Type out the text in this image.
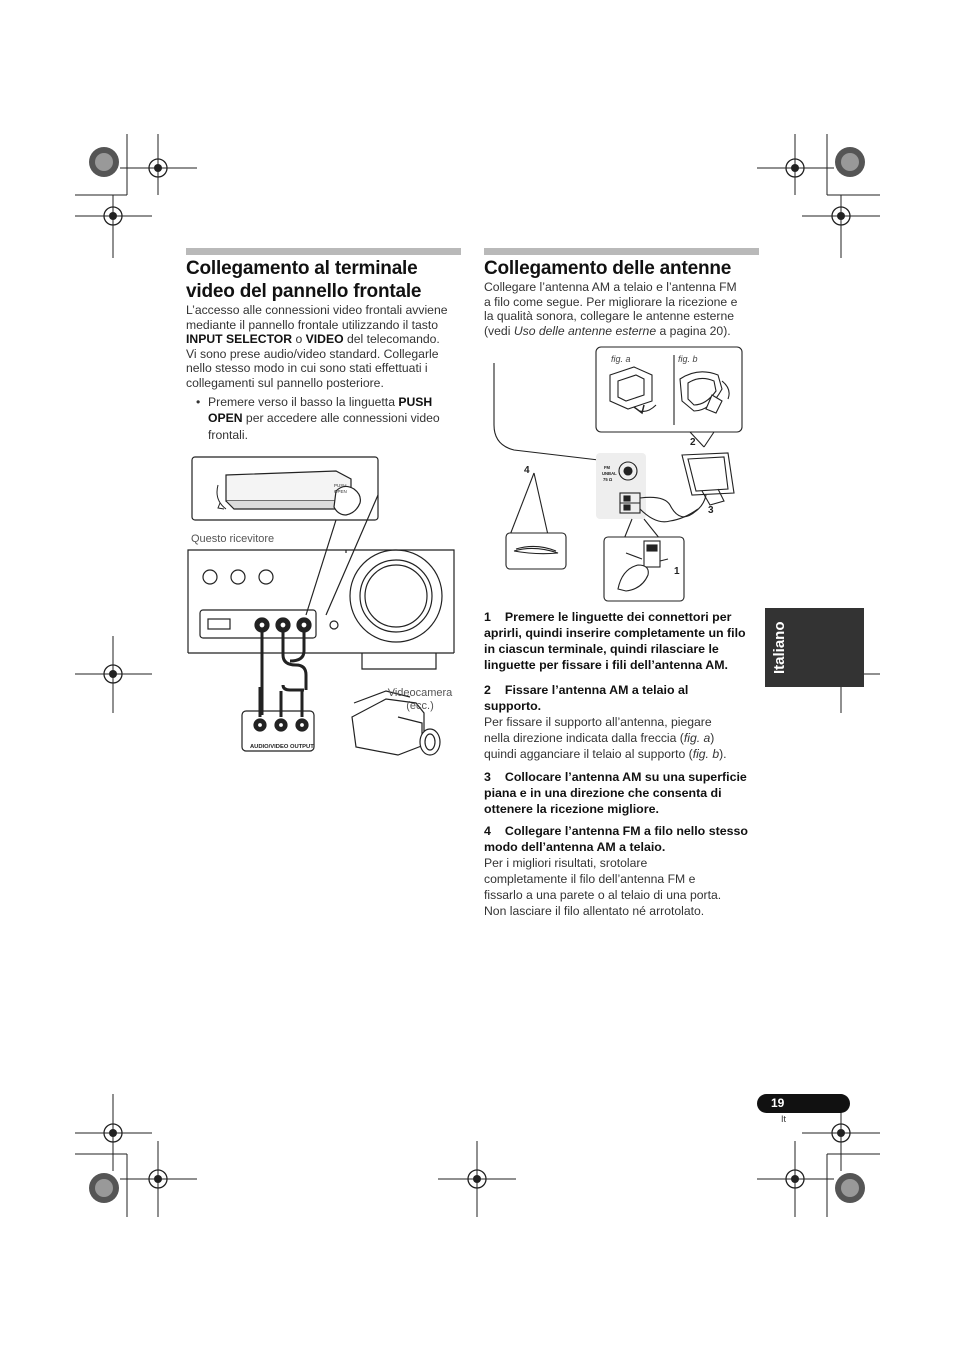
Collegamento al terminale
video del pannello frontale
L’accesso alle connessioni video frontali avviene
mediante il pannello frontale utilizzando il tasto
INPUT SELECTOR o VIDEO del telecomando.
Vi sono prese audio/video standard. Collegarle
nello stesso modo in cui sono stati effettuati i
collegamenti sul pannello posteriore.
• Premere verso il basso la linguetta PUSH
OPEN per accedere alle connessioni video
frontali.
PUSH
OPEN
AUDIO/VIDEO OUTPUT
Questo ricevitore
Videocamera
(ecc.)
Collegamento delle antenne
Collegare l’antenna AM a telaio e l’antenna FM
a filo come segue. Per migliorare la ricezione e
la qualità sonora, collegare le antenne esterne
(vedi Uso delle antenne esterne a pagina 20).
fig. a	fig. b
FM
UNBAL
75 Ω
2
3
4
1
1 Premere le linguette dei connettori per
aprirli, quindi inserire completamente un filo
in ciascun terminale, quindi rilasciare le
linguette per fissare i fili dell’antenna AM.
2 Fissare l’antenna AM a telaio al
supporto.
Per fissare il supporto all’antenna, piegare
nella direzione indicata dalla freccia (fig. a)
quindi agganciare il telaio al supporto (fig. b).
3 Collocare l’antenna AM su una superficie
piana e in una direzione che consenta di
ottenere la ricezione migliore.
4 Collegare l’antenna FM a filo nello stesso
modo dell’antenna AM a telaio.
Per i migliori risultati, srotolare
completamente il filo dell’antenna FM e
fissarlo a una parete o al telaio di una porta.
Non lasciare il filo allentato né arrotolato.
Italiano
19
It
